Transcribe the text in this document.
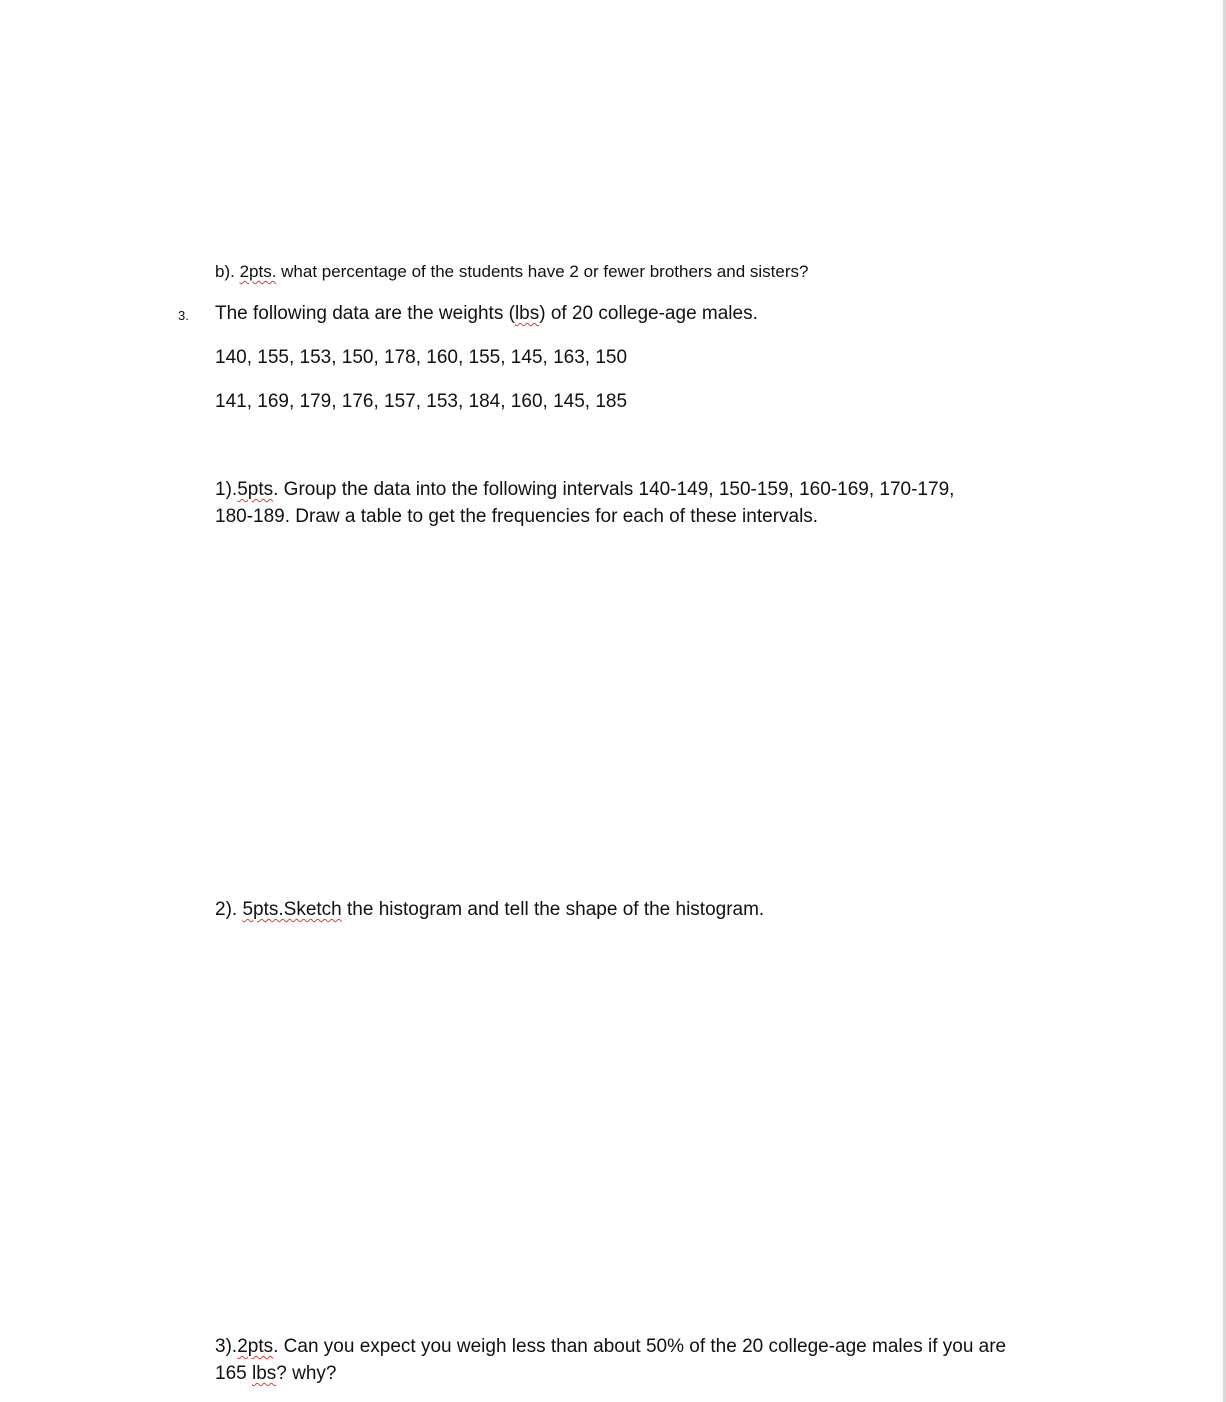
b). 2pts. what percentage of the students have 2 or fewer brothers and sisters?
3. The following data are the weights (lbs) of 20 college-age males.
140, 155, 153, 150, 178, 160, 155, 145, 163, 150
141, 169, 179, 176, 157, 153, 184, 160, 145, 185
1).5pts. Group the data into the following intervals 140-149, 150-159, 160-169, 170-179,
180-189. Draw a table to get the frequencies for each of these intervals.
2). 5pts.Sketch the histogram and tell the shape of the histogram.
3).2pts. Can you expect you weigh less than about 50% of the 20 college-age males if you are
165 lbs? why?
